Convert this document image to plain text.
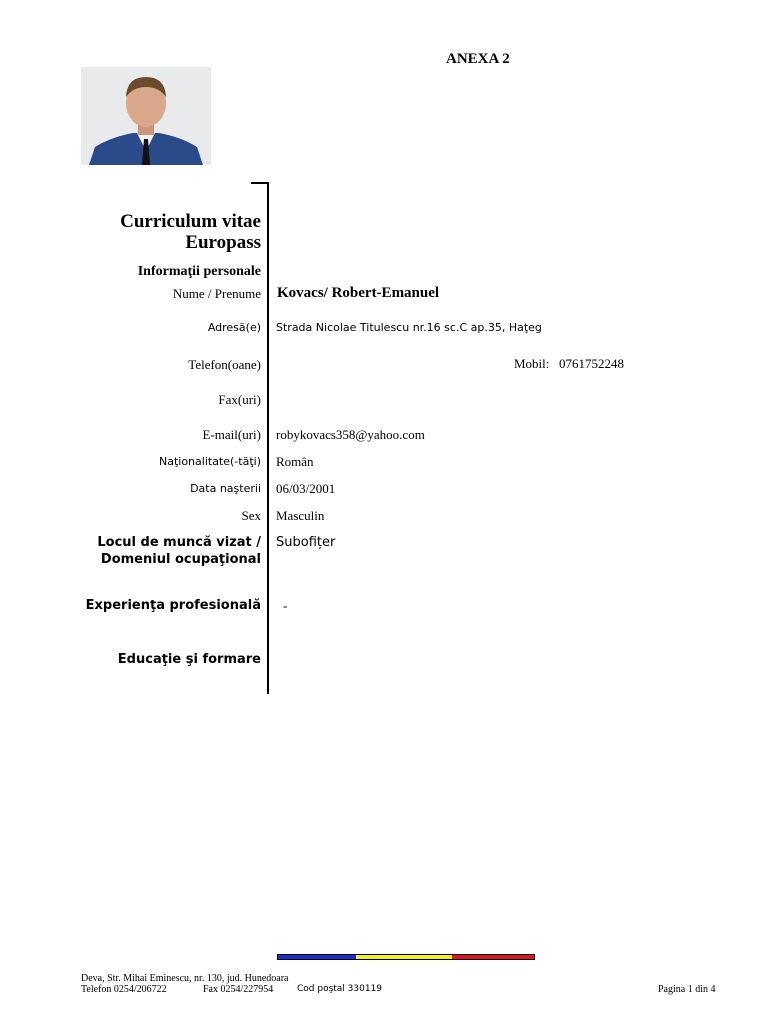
ANEXA 2
Curriculum vitae
Europass
Informaţii personale
Nume / Prenume Kovacs/ Robert-Emanuel
Adresă(e) Strada Nicolae Titulescu nr.16 sc.C ap.35, Haţeg
Telefon(oane)	Mobil: 0761752248
Fax(uri)
E-mail(uri) robykovacs358@yahoo.com
Naţionalitate(-tăţi) Român
Data naşterii 06/03/2001
Sex Masculin
Locul de muncă vizat /
Domeniul ocupaţional
Subofițer
Experienţa profesională -
Educaţie şi formare
Deva, Str. Mihai Eminescu, nr. 130, jud. Hunedoara
Telefon 0254/206722	Fax 0254/227954	Cod poştal 330119	Pagina 1 din 4
